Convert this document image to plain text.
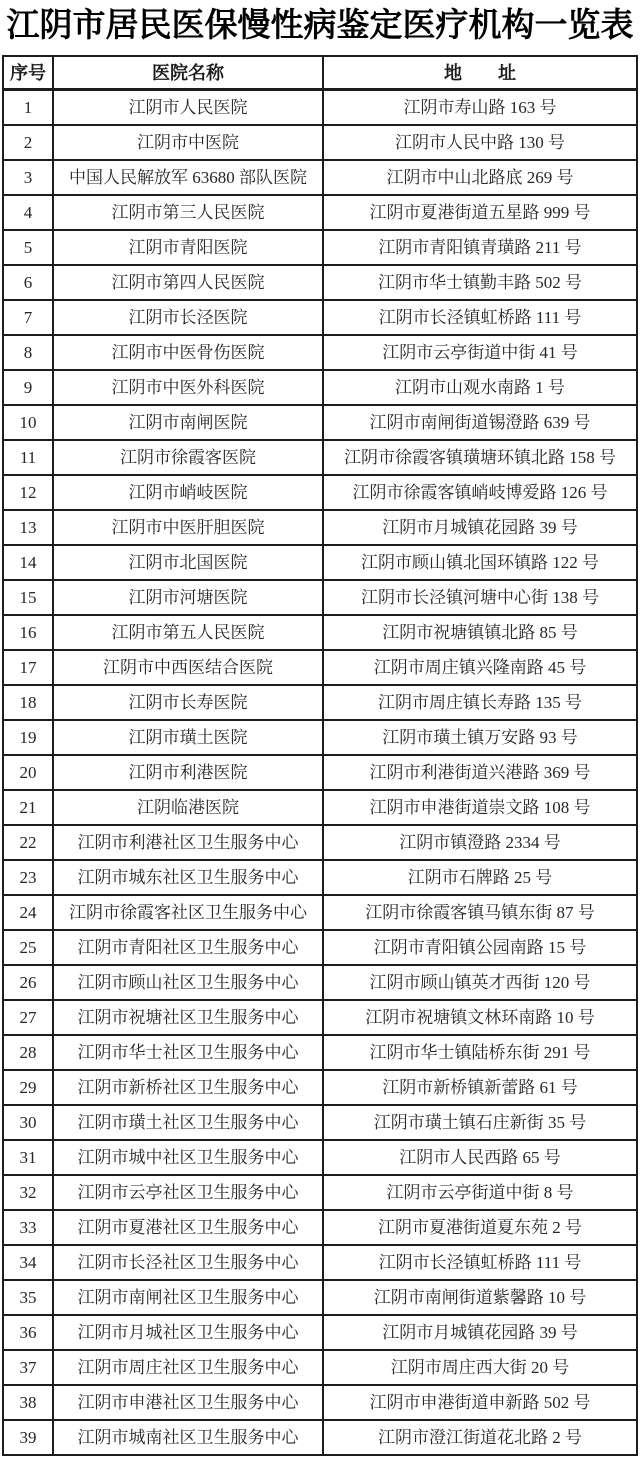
江阴市居民医保慢性病鉴定医疗机构一览表
序号	医院名称	地        址
1	江阴市人民医院	江阴市寿山路 163 号
2	江阴市中医院	江阴市人民中路 130 号
3	中国人民解放军 63680 部队医院	江阴市中山北路底 269 号
4	江阴市第三人民医院	江阴市夏港街道五星路 999 号
5	江阴市青阳医院	江阴市青阳镇青璜路 211 号
6	江阴市第四人民医院	江阴市华士镇勤丰路 502 号
7	江阴市长泾医院	江阴市长泾镇虹桥路 111 号
8	江阴市中医骨伤医院	江阴市云亭街道中街 41 号
9	江阴市中医外科医院	江阴市山观水南路 1 号
10	江阴市南闸医院	江阴市南闸街道锡澄路 639 号
11	江阴市徐霞客医院	江阴市徐霞客镇璜塘环镇北路 158 号
12	江阴市峭岐医院	江阴市徐霞客镇峭岐博爱路 126 号
13	江阴市中医肝胆医院	江阴市月城镇花园路 39 号
14	江阴市北国医院	江阴市顾山镇北国环镇路 122 号
15	江阴市河塘医院	江阴市长泾镇河塘中心街 138 号
16	江阴市第五人民医院	江阴市祝塘镇镇北路 85 号
17	江阴市中西医结合医院	江阴市周庄镇兴隆南路 45 号
18	江阴市长寿医院	江阴市周庄镇长寿路 135 号
19	江阴市璜土医院	江阴市璜土镇万安路 93 号
20	江阴市利港医院	江阴市利港街道兴港路 369 号
21	江阴临港医院	江阴市申港街道崇文路 108 号
22	江阴市利港社区卫生服务中心	江阴市镇澄路 2334 号
23	江阴市城东社区卫生服务中心	江阴市石牌路 25 号
24	江阴市徐霞客社区卫生服务中心	江阴市徐霞客镇马镇东街 87 号
25	江阴市青阳社区卫生服务中心	江阴市青阳镇公园南路 15 号
26	江阴市顾山社区卫生服务中心	江阴市顾山镇英才西街 120 号
27	江阴市祝塘社区卫生服务中心	江阴市祝塘镇文林环南路 10 号
28	江阴市华士社区卫生服务中心	江阴市华士镇陆桥东街 291 号
29	江阴市新桥社区卫生服务中心	江阴市新桥镇新蕾路 61 号
30	江阴市璜土社区卫生服务中心	江阴市璜土镇石庄新街 35 号
31	江阴市城中社区卫生服务中心	江阴市人民西路 65 号
32	江阴市云亭社区卫生服务中心	江阴市云亭街道中街 8 号
33	江阴市夏港社区卫生服务中心	江阴市夏港街道夏东苑 2 号
34	江阴市长泾社区卫生服务中心	江阴市长泾镇虹桥路 111 号
35	江阴市南闸社区卫生服务中心	江阴市南闸街道紫馨路 10 号
36	江阴市月城社区卫生服务中心	江阴市月城镇花园路 39 号
37	江阴市周庄社区卫生服务中心	江阴市周庄西大街 20 号
38	江阴市申港社区卫生服务中心	江阴市申港街道申新路 502 号
39	江阴市城南社区卫生服务中心	江阴市澄江街道花北路 2 号
